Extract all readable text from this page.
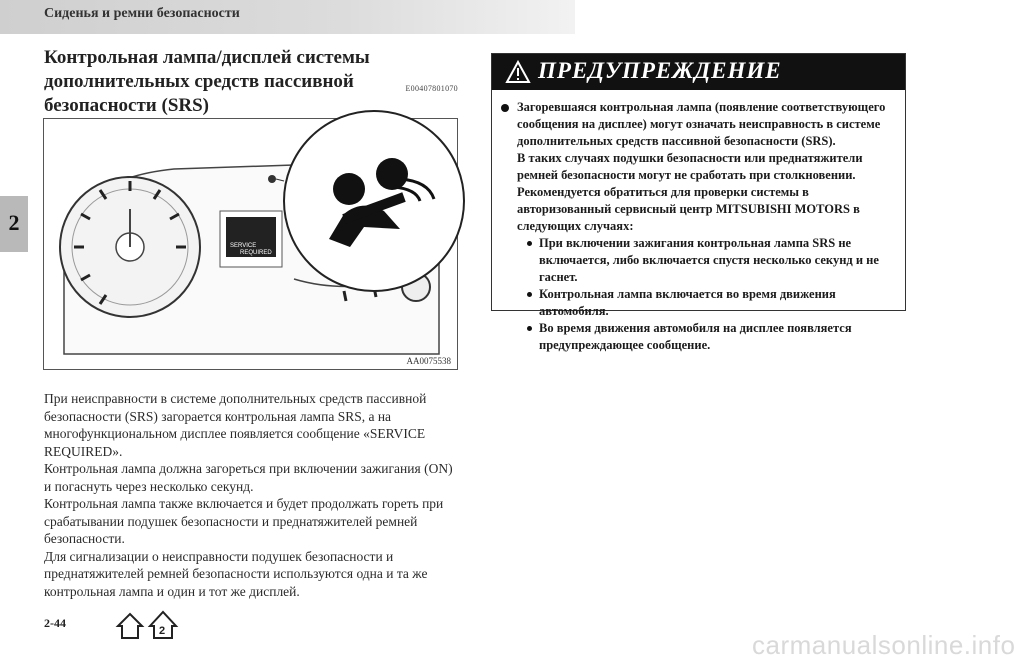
Сиденья и ремни безопасности
2
Контрольная лампа/дисплей системы дополнительных средств пассивной безопасности (SRS)
E00407801070
SERVICE
REQUIRED
AA0075538

При неисправности в системе дополнительных средств пассивной безопасности (SRS) загорается контрольная лампа SRS, а на многофункциональном дисплее появляется сообщение «SERVICE REQUIRED».

Контрольная лампа должна загореться при включении зажигания (ON) и погаснуть через несколько секунд.

Контрольная лампа также включается и будет продолжать гореть при срабатывании подушек безопасности и преднатяжителей ремней безопасности.

Для сигнализации о неисправности подушек безопасности и преднатяжителей ремней безопасности используются одна и та же контрольная лампа и один и тот же дисплей.

ПРЕДУПРЕЖДЕНИЕ
Загоревшаяся контрольная лампа (появление соответствующего сообщения на дисплее) могут означать неисправность в системе дополнительных средств пассивной безопасности (SRS).
В таких случаях подушки безопасности или преднатяжители ремней безопасности могут не сработать при столкновении.
Рекомендуется обратиться для проверки системы в авторизованный сервисный центр MITSUBISHI MOTORS в следующих случаях:
При включении зажигания контрольная лампа SRS не включается, либо включается спустя несколько секунд и не гаснет.
Контрольная лампа включается во время движения автомобиля.
Во время движения автомобиля на дисплее появляется предупреждающее сообщение.
2-44
2	carmanualsonline.info
